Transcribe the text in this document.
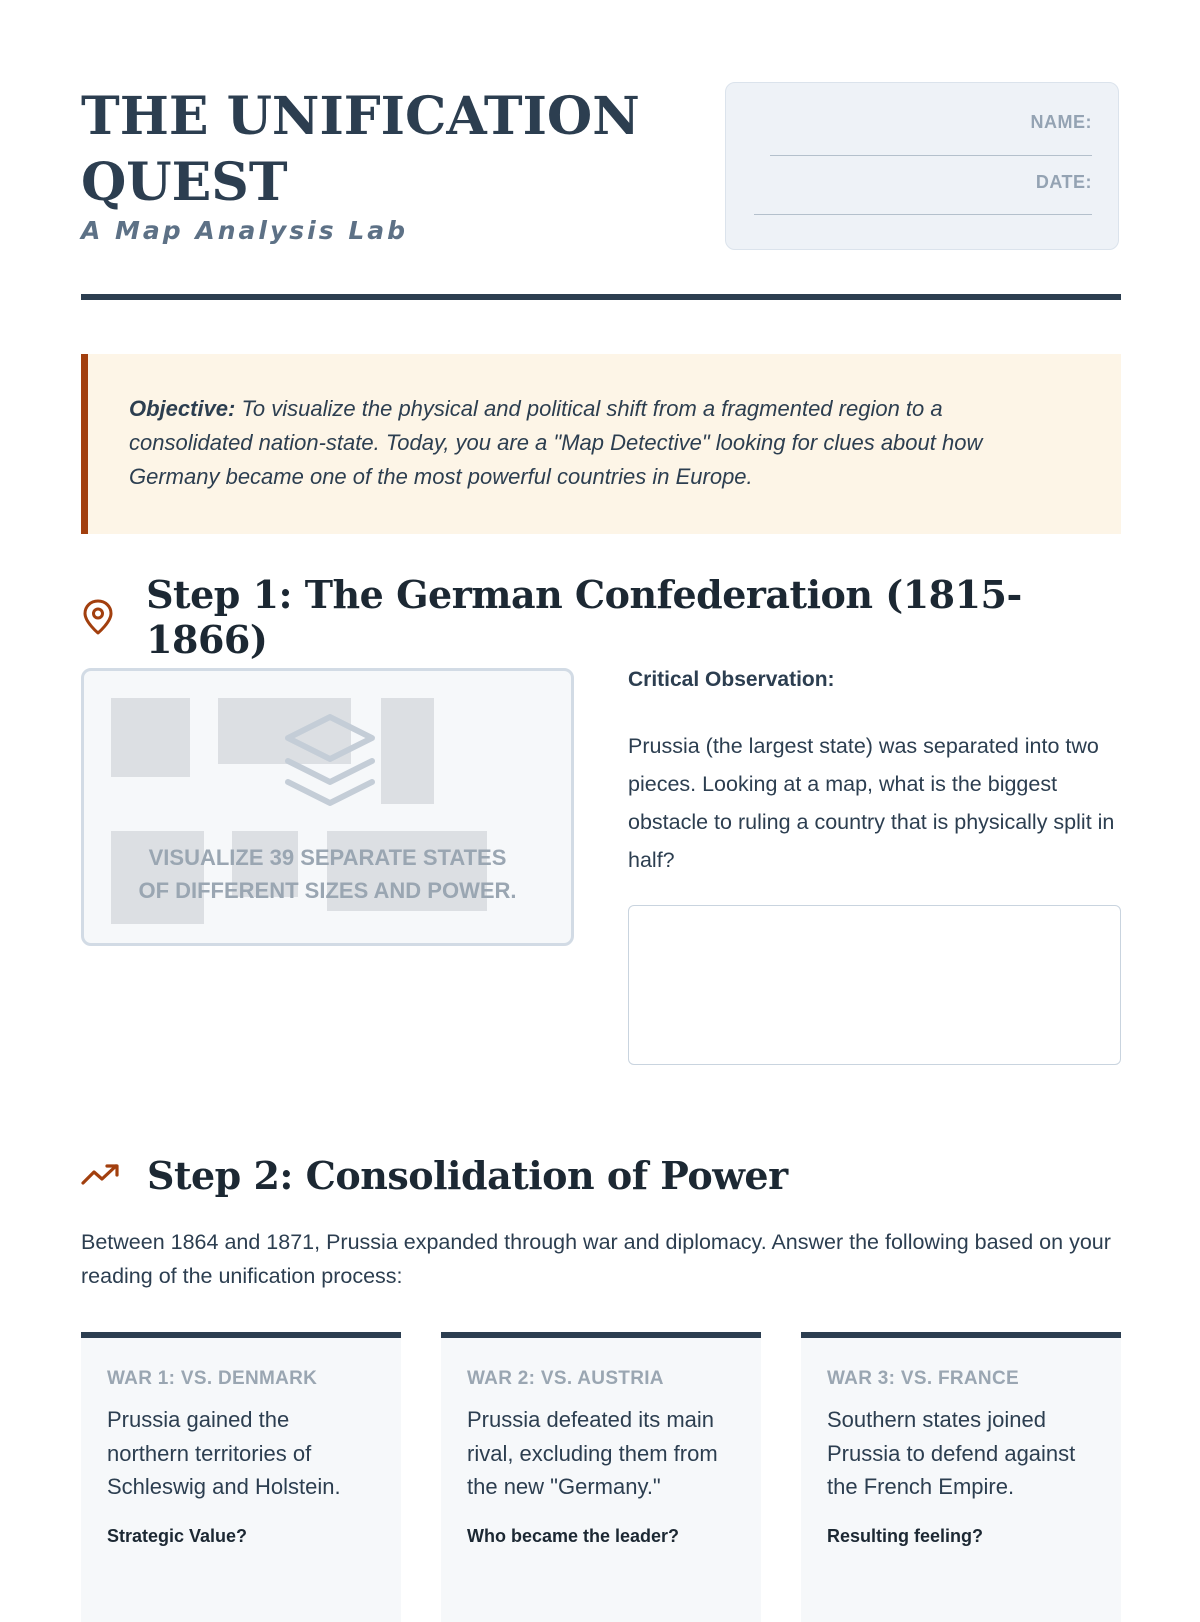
THE UNIFICATION
QUEST
A Map Analysis Lab
NAME:
DATE:
Objective: To visualize the physical and political shift from a fragmented region to a consolidated nation-state. Today, you are a "Map Detective" looking for clues about how Germany became one of the most powerful countries in Europe.
Step 1: The German Confederation (1815-1866)
VISUALIZE 39 SEPARATE STATES
OF DIFFERENT SIZES AND POWER.
Critical Observation:
Prussia (the largest state) was separated into two pieces. Looking at a map, what is the biggest obstacle to ruling a country that is physically split in half?
Step 2: Consolidation of Power
Between 1864 and 1871, Prussia expanded through war and diplomacy. Answer the following based on your reading of the unification process:
WAR 1: VS. DENMARK
Prussia gained the northern territories of Schleswig and Holstein.
Strategic Value?
WAR 2: VS. AUSTRIA
Prussia defeated its main rival, excluding them from the new "Germany."
Who became the leader?
WAR 3: VS. FRANCE
Southern states joined Prussia to defend against the French Empire.
Resulting feeling?
